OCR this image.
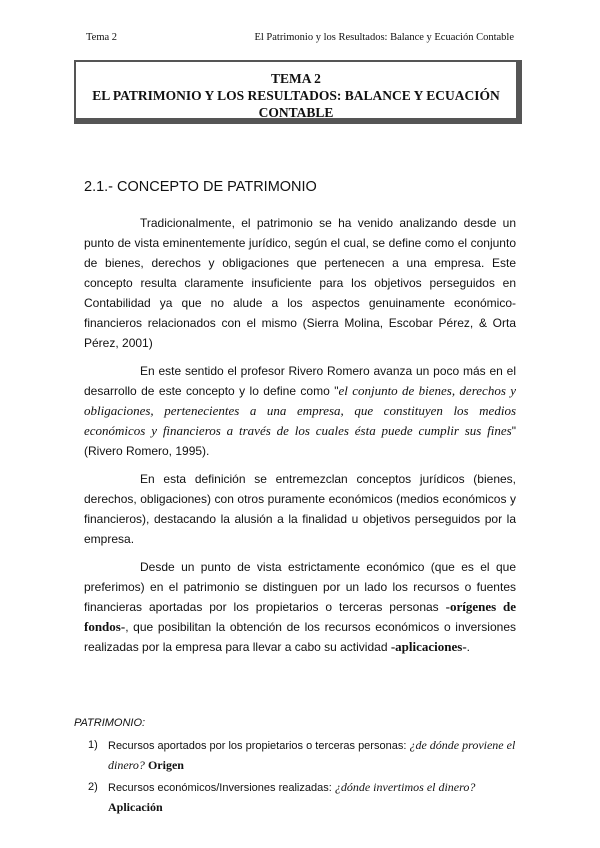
Tema 2	El Patrimonio y los Resultados: Balance y Ecuación Contable
TEMA 2
EL PATRIMONIO Y LOS RESULTADOS: BALANCE Y ECUACIÓN CONTABLE
2.1.- CONCEPTO DE PATRIMONIO

Tradicionalmente, el patrimonio se ha venido analizando desde un punto de vista eminentemente jurídico, según el cual, se define como el conjunto de bienes, derechos y obligaciones que pertenecen a una empresa. Este concepto resulta claramente insuficiente para los objetivos perseguidos en Contabilidad ya que no alude a los aspectos genuinamente económico-financieros relacionados con el mismo (Sierra Molina, Escobar Pérez, & Orta Pérez, 2001)

En este sentido el profesor Rivero Romero avanza un poco más en el desarrollo de este concepto y lo define como "el conjunto de bienes, derechos y obligaciones, pertenecientes a una empresa, que constituyen los medios económicos y financieros a través de los cuales ésta puede cumplir sus fines" (Rivero Romero, 1995).

En esta definición se entremezclan conceptos jurídicos (bienes, derechos, obligaciones) con otros puramente económicos (medios económicos y financieros), destacando la alusión a la finalidad u objetivos perseguidos por la empresa.

Desde un punto de vista estrictamente económico (que es el que preferimos) en el patrimonio se distinguen por un lado los recursos o fuentes financieras aportadas por los propietarios o terceras personas -orígenes de fondos-, que posibilitan la obtención de los recursos económicos o inversiones realizadas por la empresa para llevar a cabo su actividad -aplicaciones-.

PATRIMONIO:
1) Recursos aportados por los propietarios o terceras personas: ¿de dónde proviene el dinero? Origen
2) Recursos económicos/Inversiones realizadas: ¿dónde invertimos el dinero? Aplicación
